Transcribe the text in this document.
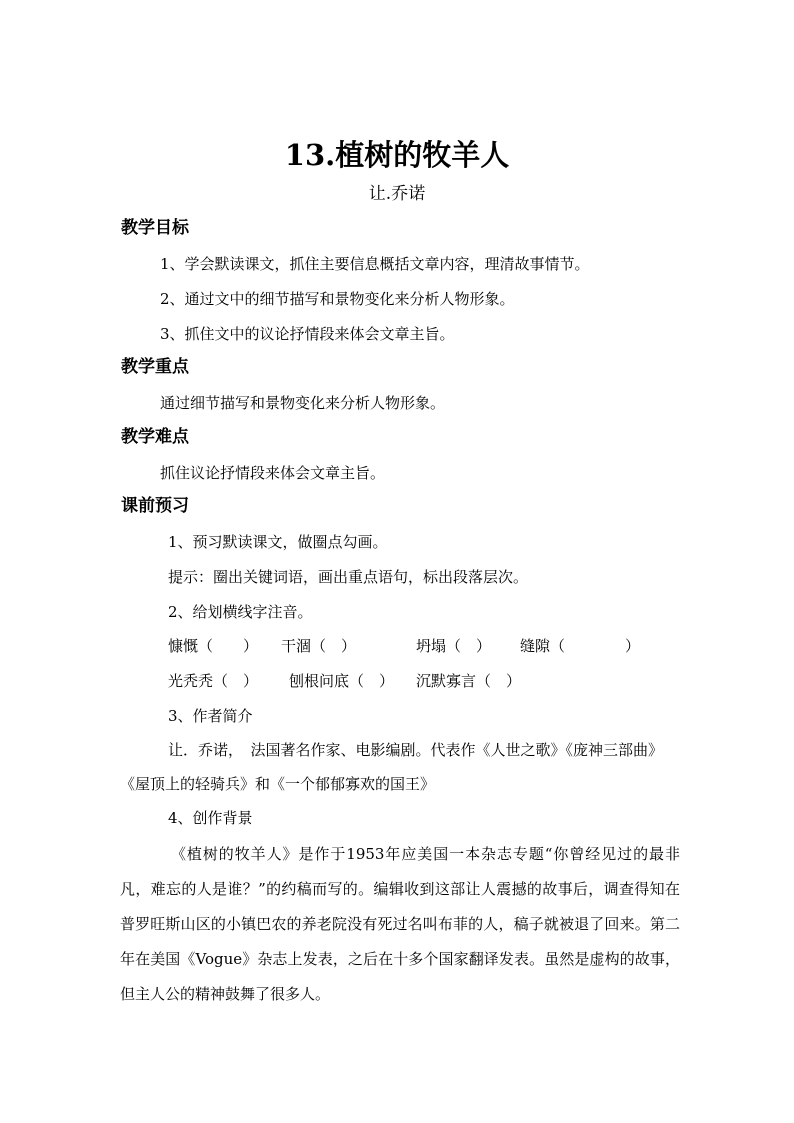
13.植树的牧羊人
让.乔诺
教学目标
1、学会默读课文，抓住主要信息概括文章内容，理清故事情节。
2、通过文中的细节描写和景物变化来分析人物形象。
3、抓住文中的议论抒情段来体会文章主旨。
教学重点
通过细节描写和景物变化来分析人物形象。
教学难点
抓住议论抒情段来体会文章主旨。
课前预习
1、预习默读课文，做圈点勾画。
提示：圈出关键词语，画出重点语句，标出段落层次。
2、给划横线字注音。
慷慨（　　） 干涸（　）	坍塌（　） 缝隙（　　　　）
光秃秃（　） 刨根问底（　） 沉默寡言（　）
3、作者简介
让．乔诺，　法国著名作家、电影编剧。代表作《人世之歌》《庞神三部曲》
《屋顶上的轻骑兵》和《一个郁郁寡欢的国王》
4、创作背景
《植树的牧羊人》是作于1953年应美国一本杂志专题“你曾经见过的最非凡，难忘的人是谁？”的约稿而写的。编辑收到这部让人震撼的故事后，调查得知在普罗旺斯山区的小镇巴农的养老院没有死过名叫布菲的人，稿子就被退了回来。第二年在美国《Vogue》杂志上发表，之后在十多个国家翻译发表。虽然是虚构的故事，但主人公的精神鼓舞了很多人。
